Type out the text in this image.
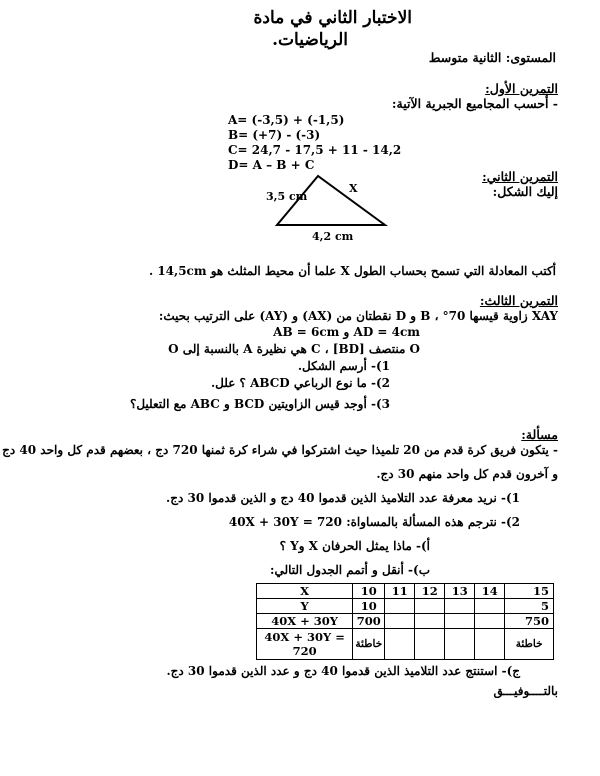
الاختبار الثاني في مادة
الرياضيات.
المستوى: الثانية متوسط
التمرين الأول:
- أحسب المجاميع الجبرية الآتية:
A= (-3,5) + (-1,5)
B= (+7) - (-3)
C= 24,7 - 17,5 + 11 - 14,2
D= A – B + C
التمرين الثاني:
إليك الشكل:
3,5 cm
X
4,2 cm
أكتب المعادلة التي تسمح بحساب الطول X علما أن محيط المثلث هو 14,5cm .
التمرين الثالث:
XAY زاوية قيسها 70° ، B و D نقطتان من (AX) و (AY) على الترتيب بحيث:
AD = 4cm و AB = 6cm
O منتصف [BD] ، C هي نظيرة A بالنسبة إلى O
1)- أرسم الشكل.
2)- ما نوع الرباعي ABCD ؟ علل.
3)- أوجد قيس الزاويتين BCD و ABC مع التعليل؟
مسألة:
- يتكون فريق كرة قدم من 20 تلميذا حيث اشتركوا في شراء كرة ثمنها 720 دج ، بعضهم قدم كل واحد 40 دج
و آخرون قدم كل واحد منهم 30 دج.
1)- نريد معرفة عدد التلاميذ الذين قدموا 40 دج و الذين قدموا 30 دج.
2)- نترجم هذه المسألة بالمساواة: 40X + 30Y = 720
أ)- ماذا يمثل الحرفان X وY ؟
ب)- أنقل و أتمم الجدول التالي:
X	10	11	12	13	14	15
Y	10					5
40X + 30Y	700					750
40X + 30Y = 720	خاطئة					خاطئة
ج)- استنتج عدد التلاميذ الذين قدموا 40 دج و عدد الذين قدموا 30 دج.
بالتــــوفيـــق
